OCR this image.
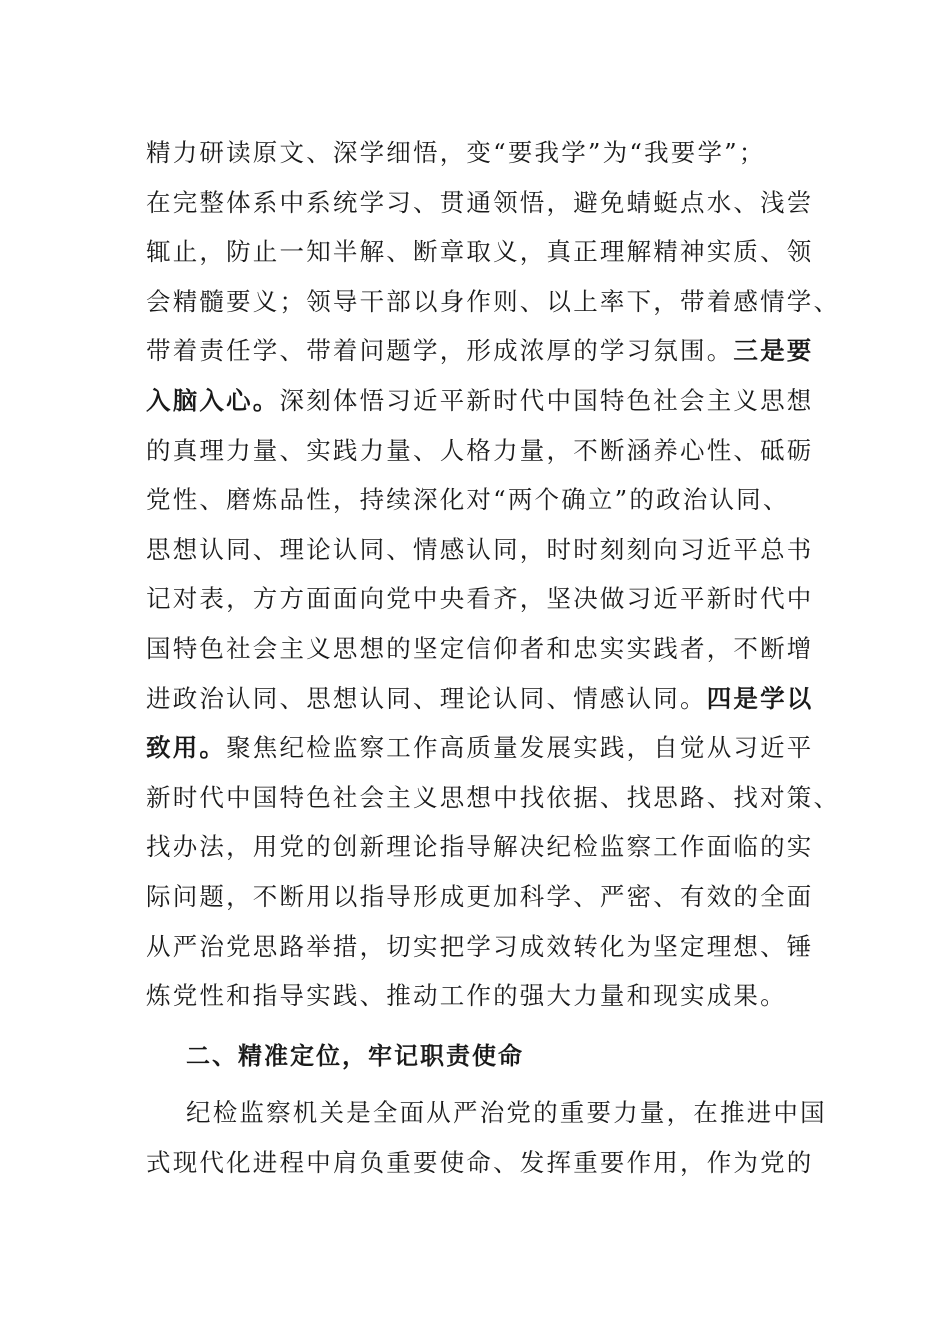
精力研读原文、深学细悟，变“要我学”为“我要学”；
在完整体系中系统学习、贯通领悟，避免蜻蜓点水、浅尝
辄止，防止一知半解、断章取义，真正理解精神实质、领
会精髓要义；领导干部以身作则、以上率下，带着感情学、
带着责任学、带着问题学，形成浓厚的学习氛围。三是要
入脑入心。深刻体悟习近平新时代中国特色社会主义思想
的真理力量、实践力量、人格力量，不断涵养心性、砥砺
党性、磨炼品性，持续深化对“两个确立”的政治认同、
思想认同、理论认同、情感认同，时时刻刻向习近平总书
记对表，方方面面向党中央看齐，坚决做习近平新时代中
国特色社会主义思想的坚定信仰者和忠实实践者，不断增
进政治认同、思想认同、理论认同、情感认同。四是学以
致用。聚焦纪检监察工作高质量发展实践，自觉从习近平
新时代中国特色社会主义思想中找依据、找思路、找对策、
找办法，用党的创新理论指导解决纪检监察工作面临的实
际问题，不断用以指导形成更加科学、严密、有效的全面
从严治党思路举措，切实把学习成效转化为坚定理想、锤
炼党性和指导实践、推动工作的强大力量和现实成果。
二、精准定位，牢记职责使命
纪检监察机关是全面从严治党的重要力量，在推进中国
式现代化进程中肩负重要使命、发挥重要作用，作为党的
